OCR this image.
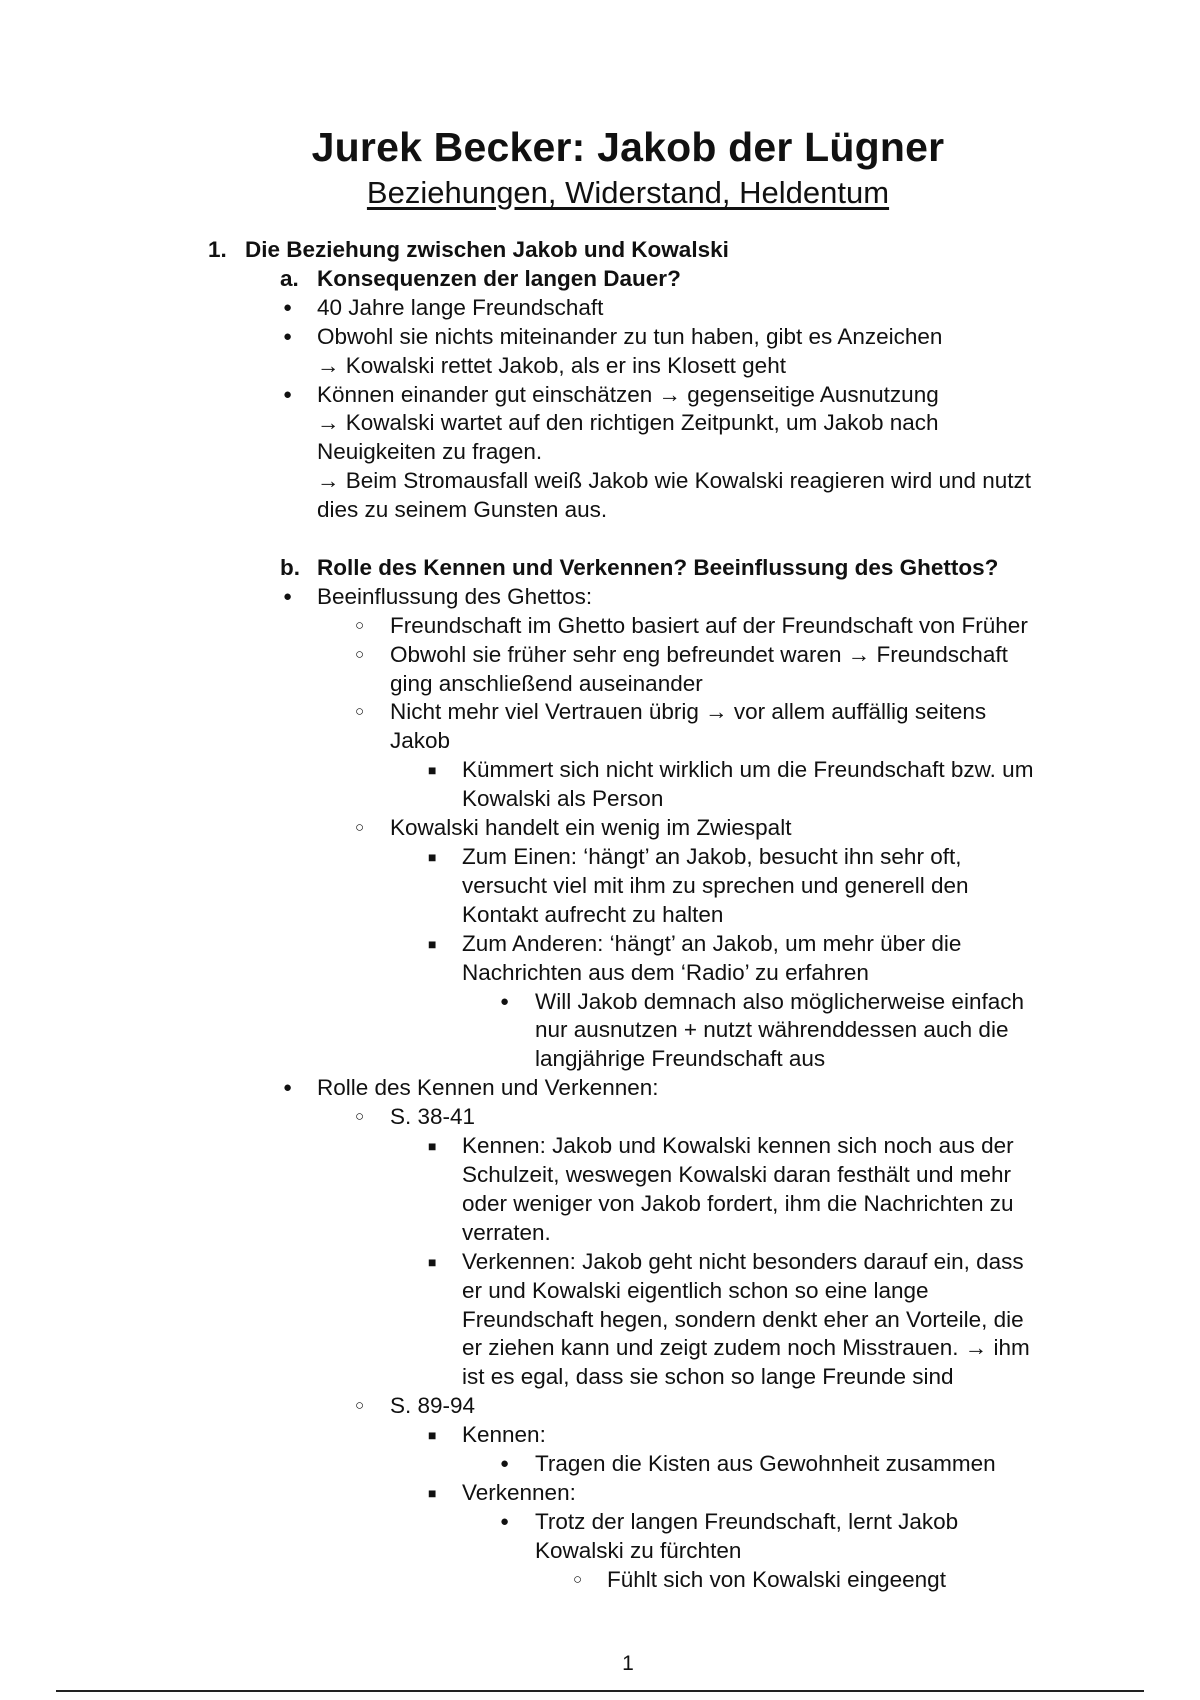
Jurek Becker: Jakob der Lügner
Beziehungen, Widerstand, Heldentum
1. Die Beziehung zwischen Jakob und Kowalski
a. Konsequenzen der langen Dauer?
● 40 Jahre lange Freundschaft
● Obwohl sie nichts miteinander zu tun haben, gibt es Anzeichen
→ Kowalski rettet Jakob, als er ins Klosett geht
● Können einander gut einschätzen → gegenseitige Ausnutzung
→ Kowalski wartet auf den richtigen Zeitpunkt, um Jakob nach
Neuigkeiten zu fragen.
→ Beim Stromausfall weiß Jakob wie Kowalski reagieren wird und nutzt
dies zu seinem Gunsten aus.
b. Rolle des Kennen und Verkennen? Beeinflussung des Ghettos?
● Beeinflussung des Ghettos:
○ Freundschaft im Ghetto basiert auf der Freundschaft von Früher
○ Obwohl sie früher sehr eng befreundet waren → Freundschaft
ging anschließend auseinander
○ Nicht mehr viel Vertrauen übrig → vor allem auffällig seitens
Jakob
■ Kümmert sich nicht wirklich um die Freundschaft bzw. um
Kowalski als Person
○ Kowalski handelt ein wenig im Zwiespalt
■ Zum Einen: ‘hängt’ an Jakob, besucht ihn sehr oft,
versucht viel mit ihm zu sprechen und generell den
Kontakt aufrecht zu halten
■ Zum Anderen: ‘hängt’ an Jakob, um mehr über die
Nachrichten aus dem ‘Radio’ zu erfahren
● Will Jakob demnach also möglicherweise einfach
nur ausnutzen + nutzt währenddessen auch die
langjährige Freundschaft aus
● Rolle des Kennen und Verkennen:
○ S. 38-41
■ Kennen: Jakob und Kowalski kennen sich noch aus der
Schulzeit, weswegen Kowalski daran festhält und mehr
oder weniger von Jakob fordert, ihm die Nachrichten zu
verraten.
■ Verkennen: Jakob geht nicht besonders darauf ein, dass
er und Kowalski eigentlich schon so eine lange
Freundschaft hegen, sondern denkt eher an Vorteile, die
er ziehen kann und zeigt zudem noch Misstrauen. → ihm
ist es egal, dass sie schon so lange Freunde sind
○ S. 89-94
■ Kennen:
● Tragen die Kisten aus Gewohnheit zusammen
■ Verkennen:
● Trotz der langen Freundschaft, lernt Jakob
Kowalski zu fürchten
○ Fühlt sich von Kowalski eingeengt
1
